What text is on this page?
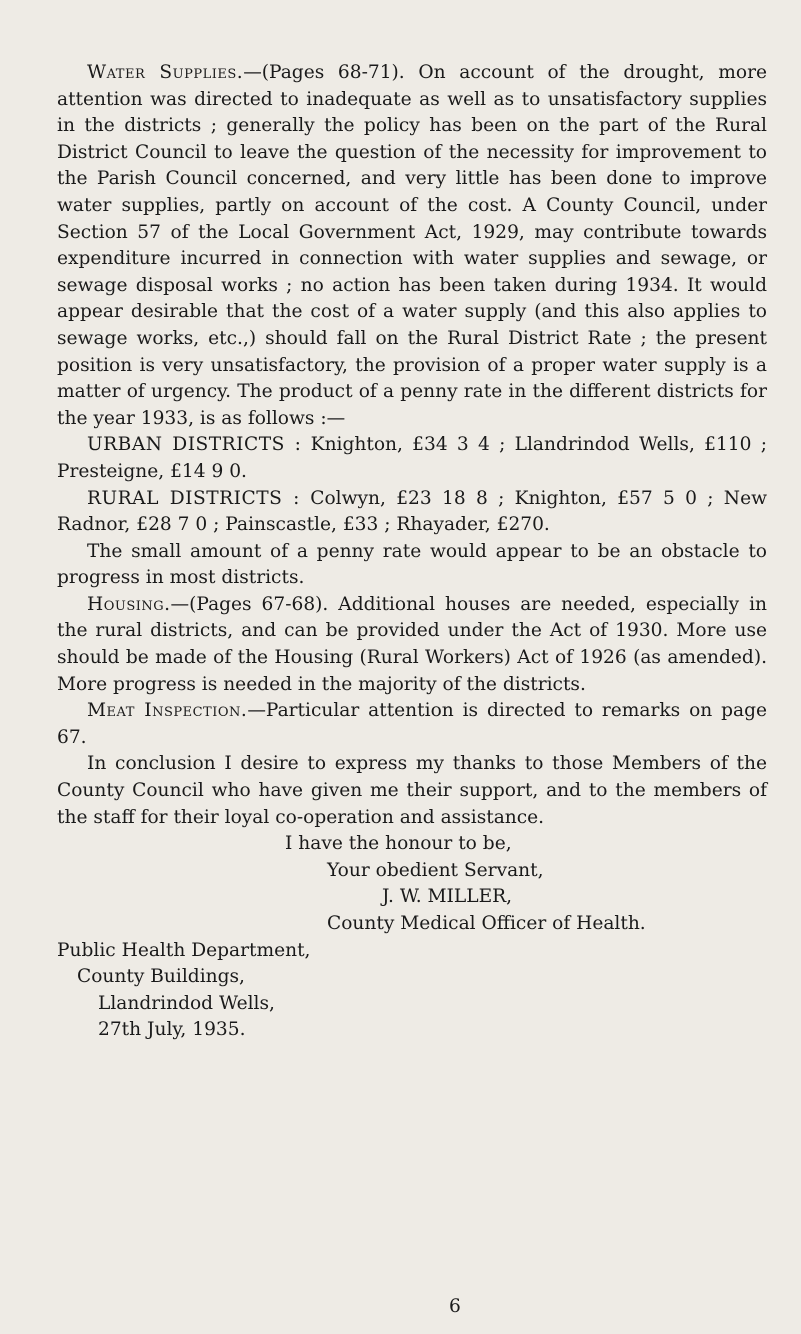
Water Supplies.—(Pages 68-71). On account of the drought, more attention was directed to inadequate as well as to unsatisfactory supplies in the districts ; generally the policy has been on the part of the Rural District Council to leave the question of the necessity for improvement to the Parish Council concerned, and very little has been done to improve water supplies, partly on account of the cost. A County Council, under Section 57 of the Local Government Act, 1929, may contribute towards expenditure incurred in connection with water supplies and sewage, or sewage disposal works ; no action has been taken during 1934. It would appear desirable that the cost of a water supply (and this also applies to sewage works, etc.,) should fall on the Rural District Rate ; the present position is very unsatisfactory, the provision of a proper water supply is a matter of urgency. The product of a penny rate in the different districts for the year 1933, is as follows :—

URBAN DISTRICTS : Knighton, £34 3 4 ; Llandrindod Wells, £110 ; Presteigne, £14 9 0.

RURAL DISTRICTS : Colwyn, £23 18 8 ; Knighton, £57 5 0 ; New Radnor, £28 7 0 ; Painscastle, £33 ; Rhayader, £270.

The small amount of a penny rate would appear to be an obstacle to progress in most districts.

Housing.—(Pages 67-68). Additional houses are needed, especially in the rural districts, and can be provided under the Act of 1930. More use should be made of the Housing (Rural Workers) Act of 1926 (as amended). More progress is needed in the majority of the districts.

Meat Inspection.—Particular attention is directed to remarks on page 67.

In conclusion I desire to express my thanks to those Members of the County Council who have given me their support, and to the members of the staff for their loyal co-operation and assistance.

I have the honour to be,
Your obedient Servant,
J. W. MILLER,
County Medical Officer of Health.
Public Health Department,
County Buildings,
Llandrindod Wells,
27th July, 1935.
6
